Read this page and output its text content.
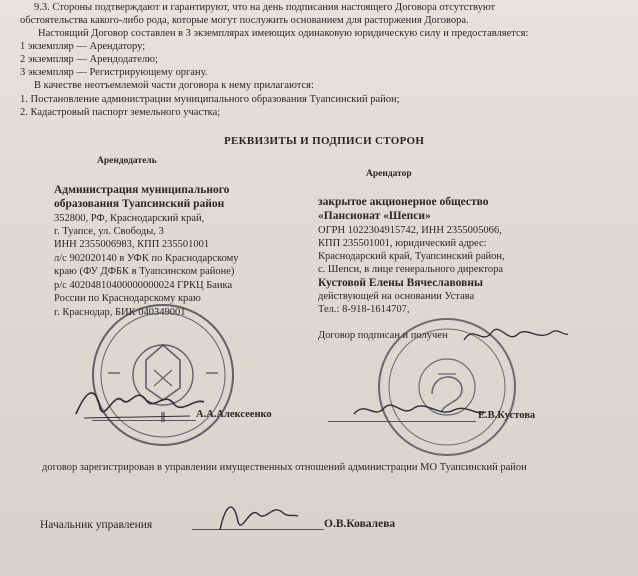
9.3. Стороны подтверждают и гарантируют, что на день подписания настоящего Договора отсутствуют
обстоятельства какого-либо рода, которые могут послужить основанием для расторжения Договора.
Настоящий Договор составлен в 3 экземплярах имеющих одинаковую юридическую силу и предоставляется:
1 экземпляр — Арендатору;
2 экземпляр — Арендодателю;
3 экземпляр — Регистрирующему органу.
В качестве неотъемлемой части договора к нему прилагаются:
1. Постановление администрации муниципального образования Туапсинский район;
2. Кадастровый паспорт земельного участка;
РЕКВИЗИТЫ И ПОДПИСИ СТОРОН
Арендодатель
Администрация муниципального
образования Туапсинский район
352800, РФ, Краснодарский край,
г. Туапсе, ул. Свободы, 3
ИНН 2355006983, КПП 235501001
л/с 902020140 в УФК по Краснодарскому
краю (ФУ ДФБК в Туапсинском районе)
р/с 40204810400000000024 ГРКЦ Банка
России по Краснодарскому краю
г. Краснодар, БИК 040349001
Арендатор
закрытое акционерное общество
«Пансионат «Шепси»
ОГРН 1022304915742, ИНН 2355005066,
КПП 235501001, юридический адрес:
Краснодарский край, Туапсинский район,
с. Шепси, в лице генерального директора
Кустовой Елены Вячеславовны
действующей на основании Устава
Тел.: 8-918-1614707,
Договор подписан и получен
А.А.Алексеенко	Е.В.Кустова
договор зарегистрирован в управлении имущественных отношений администрации МО Туапсинский район
Начальник управления	О.В.Ковалева
